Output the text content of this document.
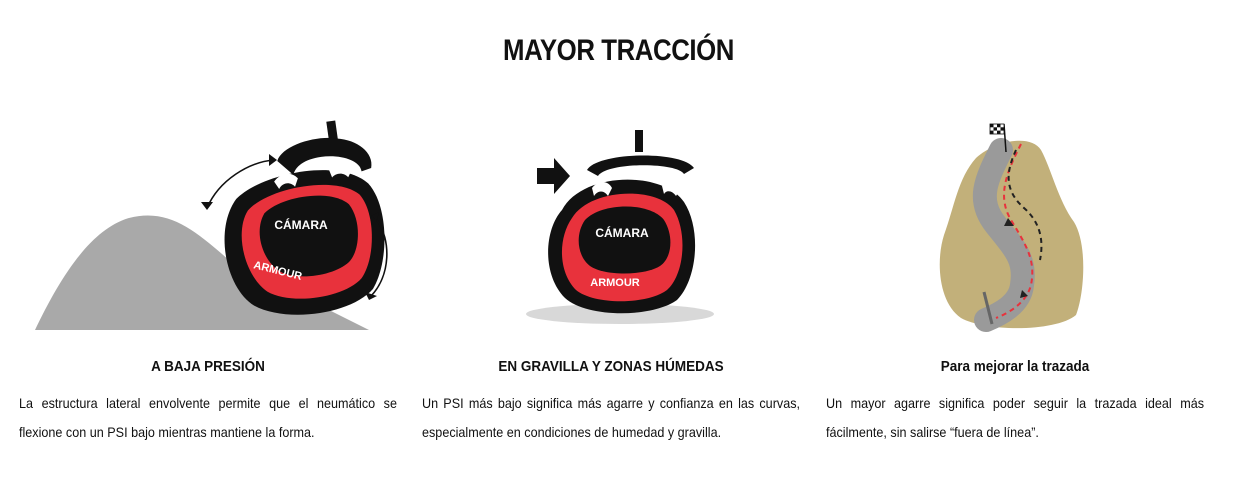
MAYOR TRACCIÓN
CÁMARA
ARMOUR
A BAJA PRESIÓN
La estructura lateral envolvente permite que el neumático se flexione con un PSI bajo mientras mantiene la forma.
CÁMARA
ARMOUR
EN GRAVILLA Y ZONAS HÚMEDAS
Un PSI más bajo significa más agarre y confianza en las curvas, especialmente en condiciones de humedad y gravilla.
Para mejorar la trazada
Un mayor agarre significa poder seguir la trazada ideal más fácilmente, sin salirse “fuera de línea”.
